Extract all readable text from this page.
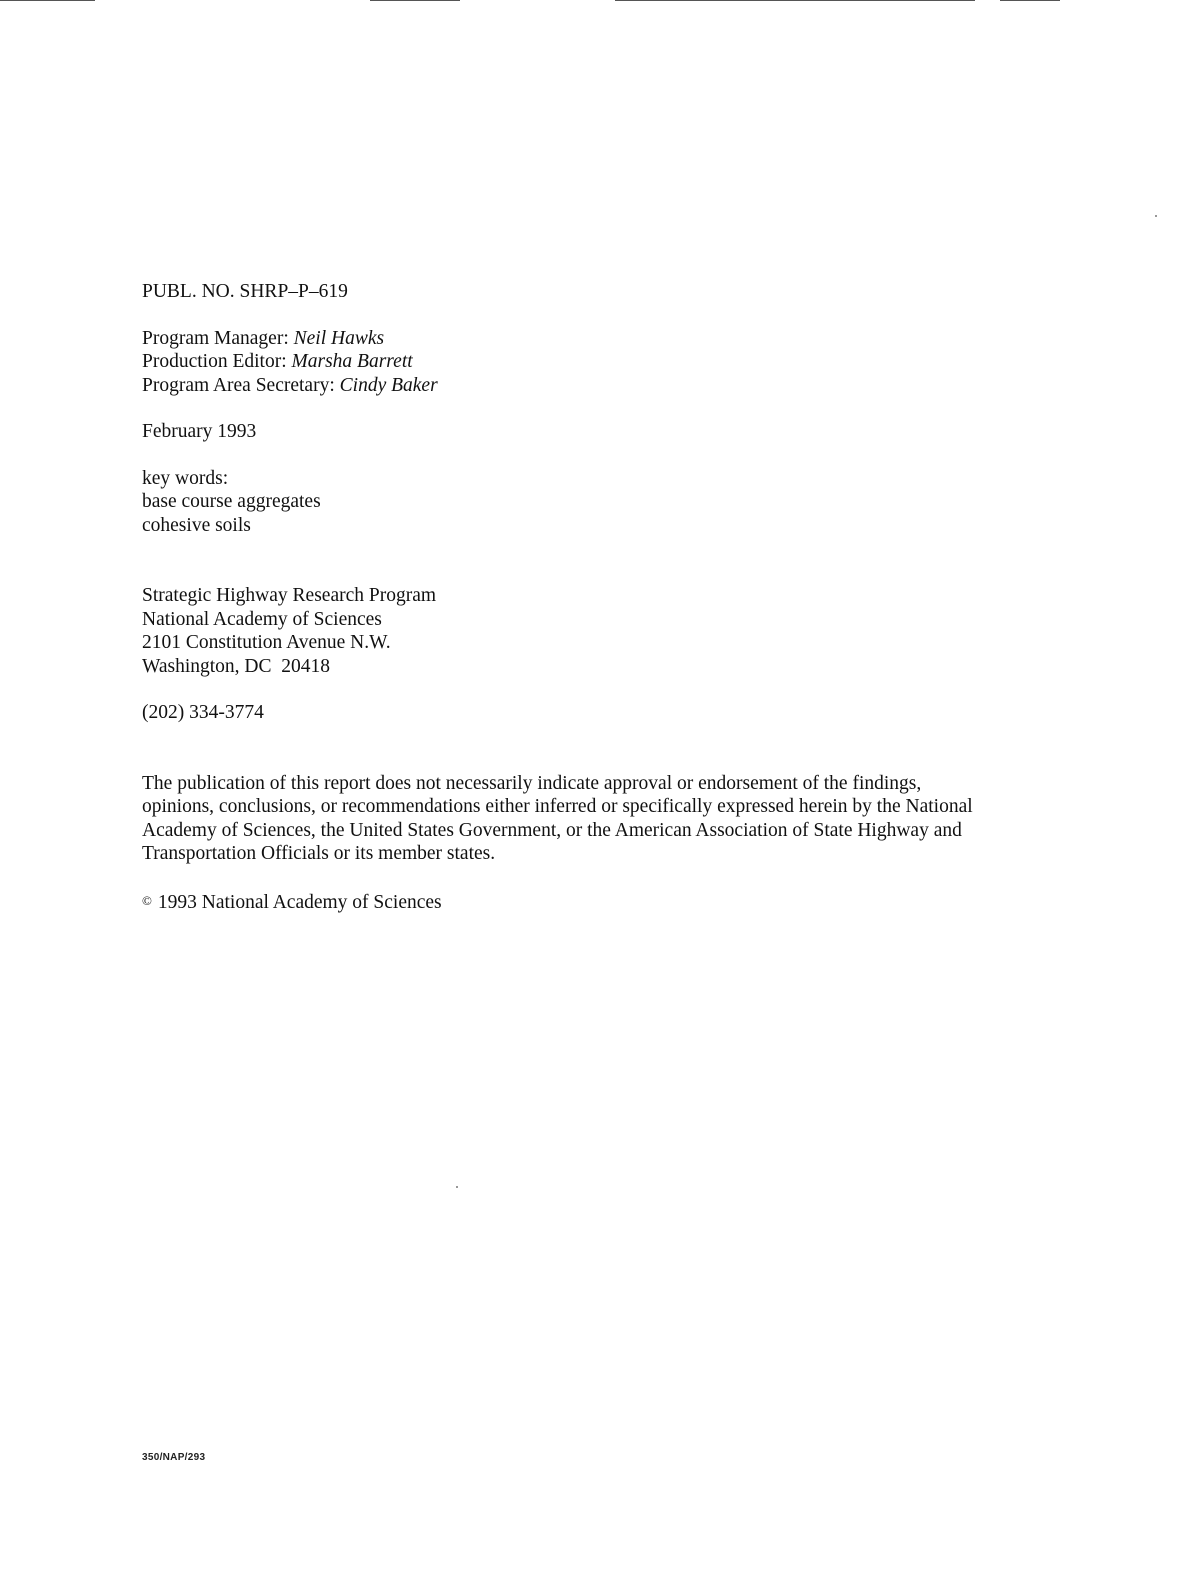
PUBL. NO. SHRP–P–619
Program Manager: Neil Hawks
Production Editor: Marsha Barrett
Program Area Secretary: Cindy Baker
February 1993
key words:
base course aggregates
cohesive soils
Strategic Highway Research Program
National Academy of Sciences
2101 Constitution Avenue N.W.
Washington, DC  20418
(202) 334-3774
The publication of this report does not necessarily indicate approval or endorsement of the findings,
opinions, conclusions, or recommendations either inferred or specifically expressed herein by the National
Academy of Sciences, the United States Government, or the American Association of State Highway and
Transportation Officials or its member states.
© 1993 National Academy of Sciences
350/NAP/293
